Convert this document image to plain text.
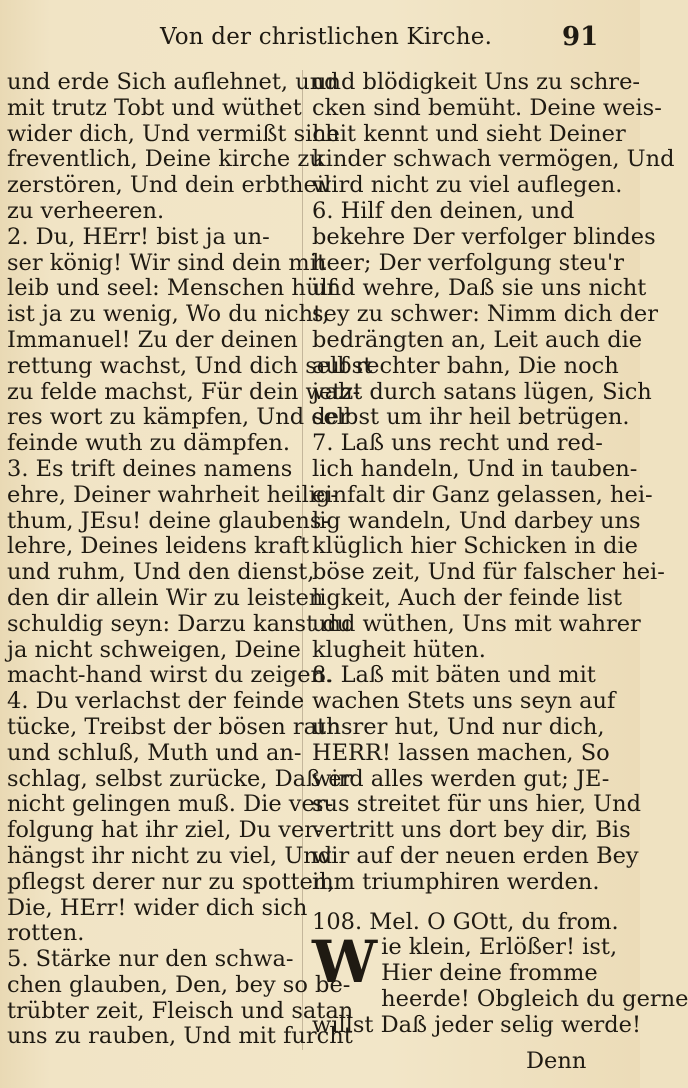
Von der christlichen Kirche.	91
und erde Sich auflehnet, und
mit trutz Tobt und wüthet
wider dich, Und vermißt sich
freventlich, Deine kirche zu
zerstören, Und dein erbtheil
zu verheeren.
2. Du, HErr! bist ja un-
ser könig! Wir sind dein mit
leib und seel: Menschen hülf
ist ja zu wenig, Wo du nicht,
Immanuel! Zu der deinen
rettung wachst, Und dich selbst
zu felde machst, Für dein wah-
res wort zu kämpfen, Und der
feinde wuth zu dämpfen.
3. Es trift deines namens
ehre, Deiner wahrheit heilig-
thum, JEsu! deine glaubens-
lehre, Deines leidens kraft
und ruhm, Und den dienst,
den dir allein Wir zu leisten
schuldig seyn: Darzu kanst du
ja nicht schweigen, Deine
macht-hand wirst du zeigen.
4. Du verlachst der feinde
tücke, Treibst der bösen rath
und schluß, Muth und an-
schlag, selbst zurücke, Daß er
nicht gelingen muß. Die ver-
folgung hat ihr ziel, Du ver-
hängst ihr nicht zu viel, Und
pflegst derer nur zu spotten,
Die, HErr! wider dich sich
rotten.
5. Stärke nur den schwa-
chen glauben, Den, bey so be-
trübter zeit, Fleisch und satan
uns zu rauben, Und mit furcht
und blödigkeit Uns zu schre-
cken sind bemüht. Deine weis-
heit kennt und sieht Deiner
kinder schwach vermögen, Und
wird nicht zu viel auflegen.
6. Hilf den deinen, und
bekehre Der verfolger blindes
heer; Der verfolgung steu'r
und wehre, Daß sie uns nicht
sey zu schwer: Nimm dich der
bedrängten an, Leit auch die
auf rechter bahn, Die noch
jetzt durch satans lügen, Sich
selbst um ihr heil betrügen.
7. Laß uns recht und red-
lich handeln, Und in tauben-
einfalt dir Ganz gelassen, hei-
lig wandeln, Und darbey uns
klüglich hier Schicken in die
böse zeit, Und für falscher hei-
ligkeit, Auch der feinde list
und wüthen, Uns mit wahrer
klugheit hüten.
8. Laß mit bäten und mit
wachen Stets uns seyn auf
unsrer hut, Und nur dich,
HERR! lassen machen, So
wird alles werden gut; JE-
sus streitet für uns hier, Und
vertritt uns dort bey dir, Bis
wir auf der neuen erden Bey
ihm triumphiren werden.
108. Mel. O GOtt, du from.
W ie klein, Erlößer! ist,
Hier deine fromme
heerde! Obgleich du gerne
willst Daß jeder selig werde!
Denn
